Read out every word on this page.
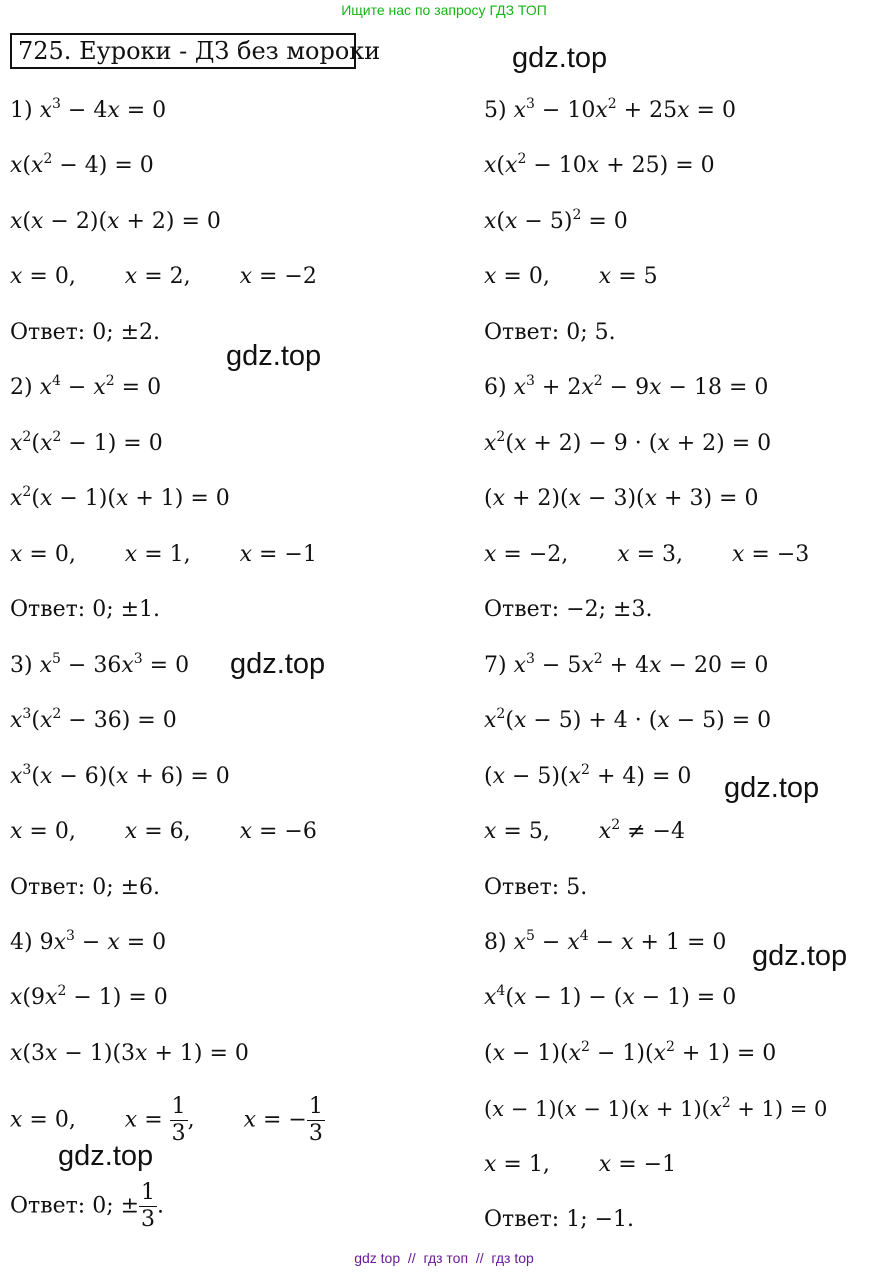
Ищите нас по запросу ГДЗ ТОП
725. Еуроки - ДЗ без мороки	gdz.top
gdz.top
gdz.top
gdz.top
gdz.top
gdz.top
1) $x^3 - 4x = 0$
$x(x^2 - 4) = 0$
x(x − 2)(x + 2) = 0
x = 0,       x = 2,       x = −2
Ответ: 0; ±2.
2) $x^4 - x^2 = 0$
$x^2(x^2 - 1) = 0$
$x^2(x - 1)(x + 1) = 0$
x = 0,       x = 1,       x = −1
Ответ: 0; ±1.
3) $x^5 - 36x^3 = 0$
$x^3(x^2 - 36) = 0$
$x^3(x - 6)(x + 6) = 0$
x = 0,       x = 6,       x = −6
Ответ: 0; ±6.
4) $9x^3 - x = 0$
$x(9x^2 - 1) = 0$
x(3x − 1)(3x + 1) = 0
x = 0,       $x = \frac{1}{3}$ ,       x = − $\frac{1}{3}$
Ответ: 0; ± $\frac{1}{3}$ .
5) $x^3 - 10x^2 + 25x = 0$
$x(x^2 - 10x + 25) = 0$
$x(x - 5)^2 = 0$
x = 0,       x = 5
Ответ: 0; 5.
6) $x^3 + 2x^2 - 9x - 18 = 0$
$x^2(x + 2) - 9 \cdot (x + 2) = 0$
(x + 2)(x − 3)(x + 3) = 0
x = −2,       x = 3,       x = −3
Ответ: −2; ±3.
7) $x^3 - 5x^2 + 4x - 20 = 0$
$x^2(x - 5) + 4 \cdot (x - 5) = 0$
$(x - 5)(x^2 + 4) = 0$
x = 5,       $x^2 \ne -4$
Ответ: 5.
8) $x^5 - x^4 - x + 1 = 0$
$x^4(x - 1) - (x - 1) = 0$
$(x - 1)(x^2 - 1)(x^2 + 1) = 0$
$(x - 1)(x - 1)(x + 1)(x^2 + 1) = 0$
x = 1,       x = −1
Ответ: 1; −1.
gdz top  //  гдз топ  //  гдз top
